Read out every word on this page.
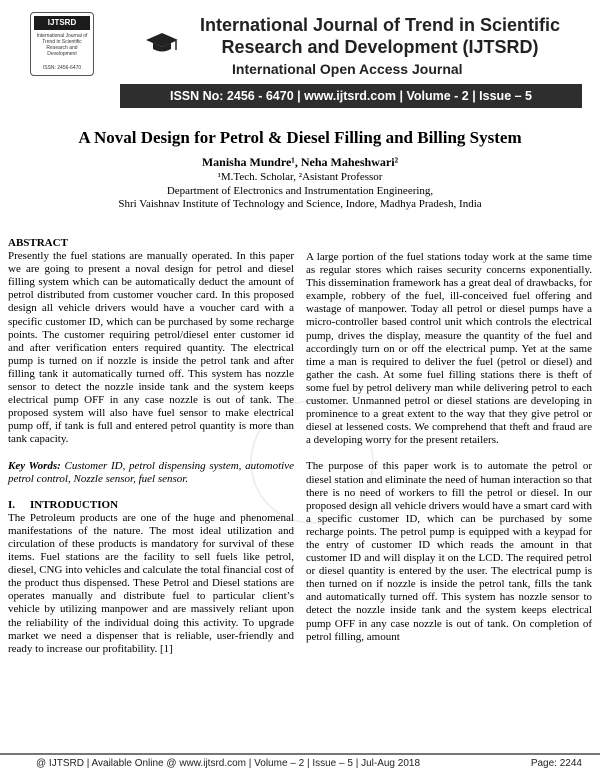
IJTSRD
International Journal of Trend in Scientific Research and Development
ISSN: 2456-6470
International Journal of Trend in Scientific
Research and Development (IJTSRD)
International Open Access Journal
ISSN No: 2456 - 6470 | www.ijtsrd.com | Volume - 2 | Issue – 5
A Noval Design for Petrol & Diesel Filling and Billing System
Manisha Mundre¹, Neha Maheshwari²
¹M.Tech. Scholar, ²Asistant Professor
Department of Electronics and Instrumentation Engineering,
Shri Vaishnav Institute of Technology and Science, Indore, Madhya Pradesh, India

ABSTRACT

Presently the fuel stations are manually operated. In this paper we are going to present a noval design for petrol and diesel filling system which can be automatically deduct the amount of petrol distributed from customer voucher card. In this proposed design all vehicle drivers would have a voucher card with a specific customer ID, which can be purchased by some recharge points. The customer requiring petrol/diesel enter customer id and after verification enters required quantity. The electrical pump is turned on if nozzle is inside the petrol tank and after filling tank it automatically turned off. This system has nozzle sensor to detect the nozzle inside tank and the system keeps electrical pump OFF in any case nozzle is out of tank. The proposed system will also have fuel sensor to make electrical pump off, if tank is full and entered petrol quantity is more than tank capacity.

Key Words: Customer ID, petrol dispensing system, automotive petrol control, Nozzle sensor, fuel sensor.

I. INTRODUCTION

The Petroleum products are one of the huge and phenomenal manifestations of the nature. The most ideal utilization and circulation of these products is mandatory for survival of these items. Fuel stations are the facility to sell fuels like petrol, diesel, CNG into vehicles and calculate the total financial cost of the product thus dispensed. These Petrol and Diesel stations are operates manually and distribute fuel to particular client’s vehicle by utilizing manpower and are massively reliant upon the reliability of the individual doing this activity. To upgrade market we need a dispenser that is reliable, user-friendly and ready to increase our profitability. [1]

A large portion of the fuel stations today work at the same time as regular stores which raises security concerns exponentially. This dissemination framework has a great deal of drawbacks, for example, robbery of the fuel, ill-conceived fuel offering and wastage of manpower. Today all petrol or diesel pumps have a micro-controller based control unit which controls the electrical pump, drives the display, measure the quantity of the fuel and accordingly turn on or off the electrical pump. Yet at the same time a man is required to deliver the fuel (petrol or diesel) and gather the cash. At some fuel filling stations there is theft of some fuel by petrol delivery man while delivering petrol to each customer. Unmanned petrol or diesel stations are developing in prominence to a great extent to the way that they give petrol or diesel at lessened costs. We comprehend that theft and fraud are a developing worry for the present retailers.

The purpose of this paper work is to automate the petrol or diesel station and eliminate the need of human interaction so that there is no need of workers to fill the petrol or diesel. In our proposed design all vehicle drivers would have a smart card with a specific customer ID, which can be purchased by some recharge points. The petrol pump is equipped with a keypad for the entry of customer ID which reads the amount in that customer ID and will display it on the LCD. The required petrol or diesel quantity is entered by the user. The electrical pump is then turned on if nozzle is inside the petrol tank, fills the tank and automatically turned off. This system has nozzle sensor to detect the nozzle inside tank and the system keeps electrical pump OFF in any case nozzle is out of tank. On completion of petrol filling, amount

@ IJTSRD | Available Online @ www.ijtsrd.com | Volume – 2 | Issue – 5 | Jul-Aug 2018	Page: 2244
